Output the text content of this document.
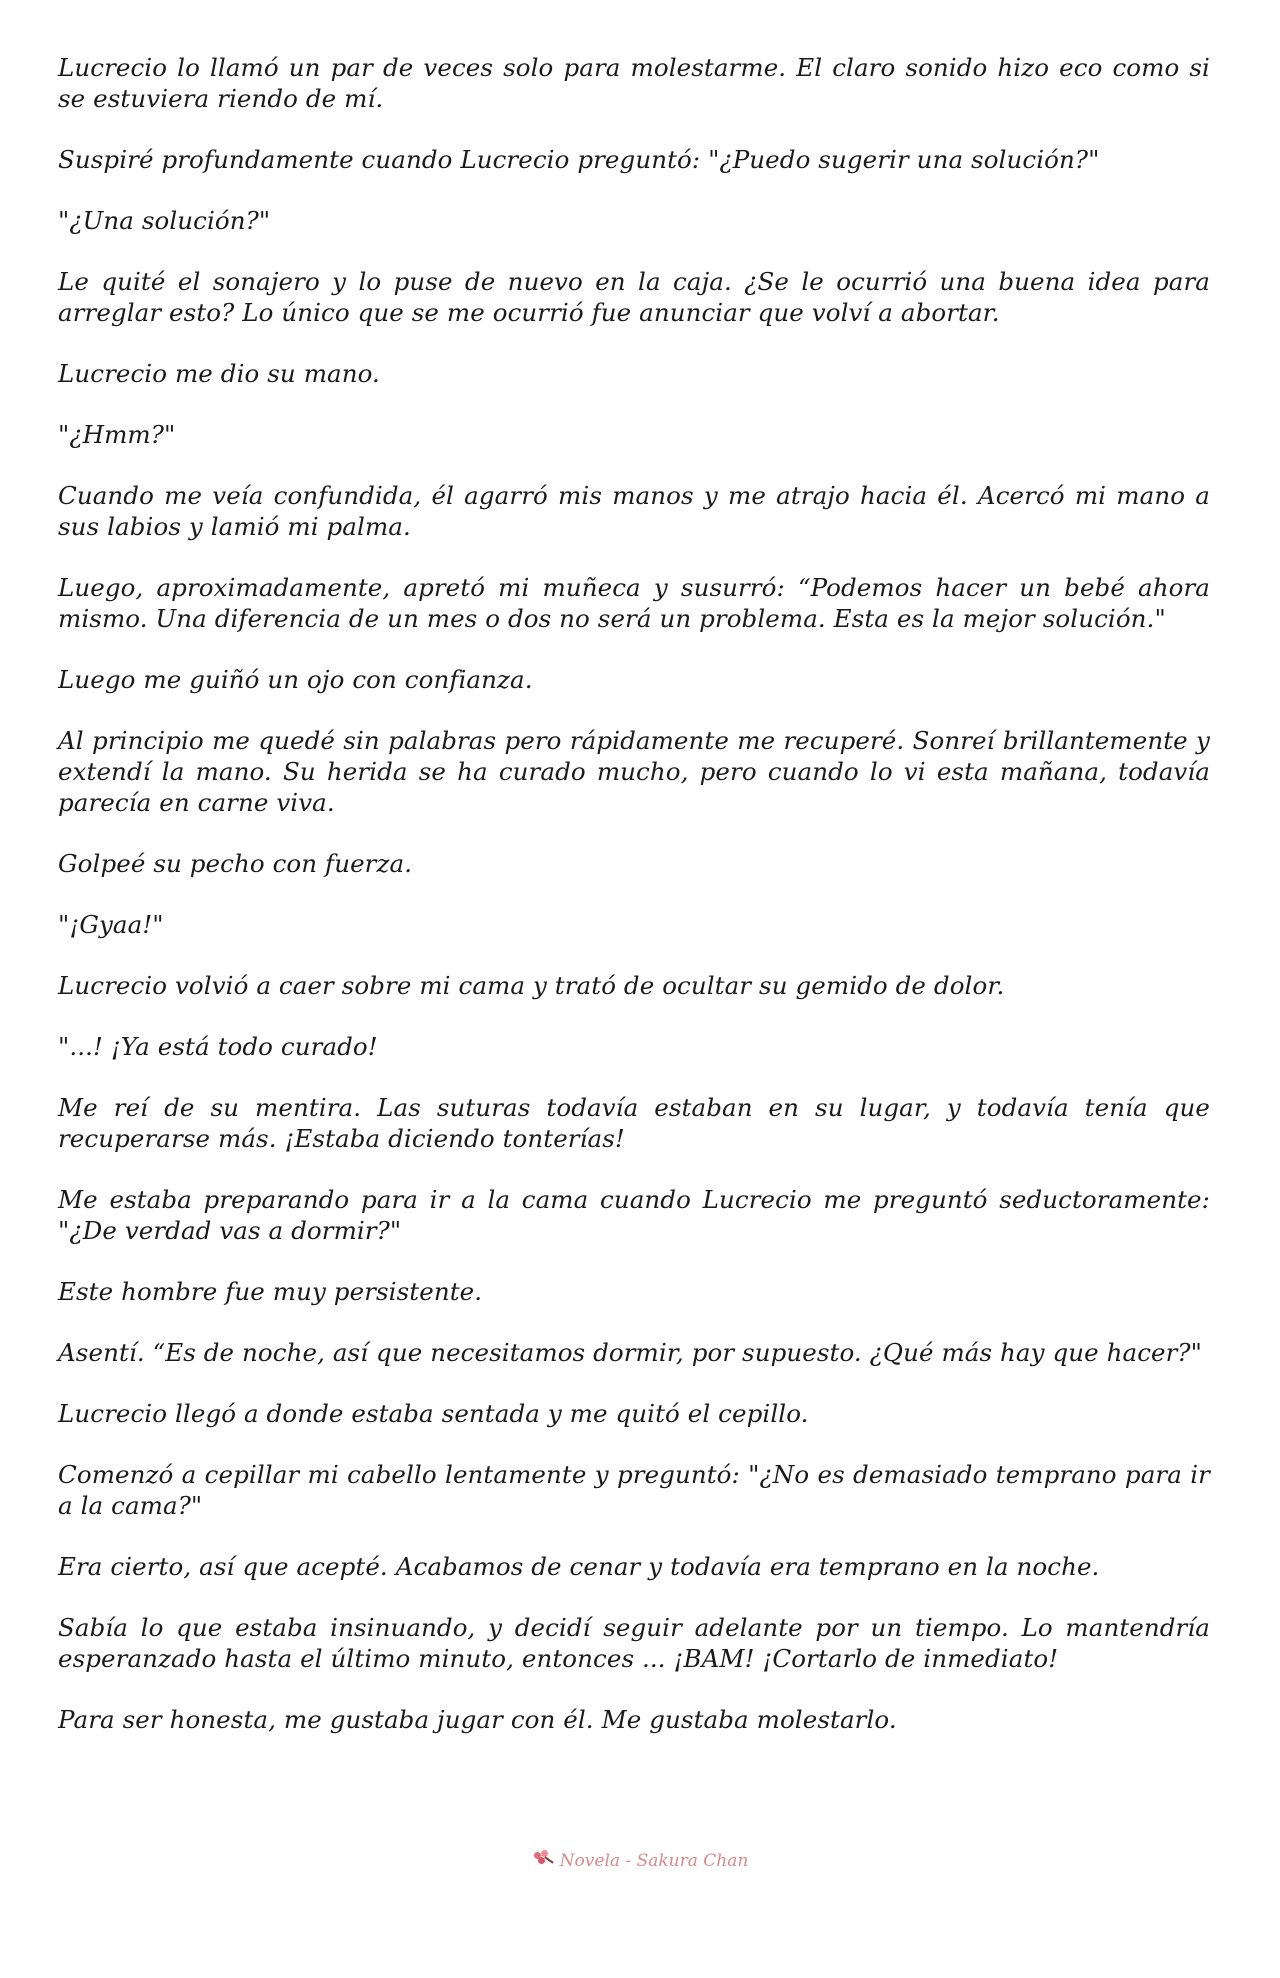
Lucrecio lo llamó un par de veces solo para molestarme. El claro sonido hizo eco como si se estuviera riendo de mí.

Suspiré profundamente cuando Lucrecio preguntó: "¿Puedo sugerir una solución?"

"¿Una solución?"

Le quité el sonajero y lo puse de nuevo en la caja. ¿Se le ocurrió una buena idea para arreglar esto? Lo único que se me ocurrió fue anunciar que volví a abortar.

Lucrecio me dio su mano.

"¿Hmm?"

Cuando me veía confundida, él agarró mis manos y me atrajo hacia él. Acercó mi mano a sus labios y lamió mi palma.

Luego, aproximadamente, apretó mi muñeca y susurró: “Podemos hacer un bebé ahora mismo. Una diferencia de un mes o dos no será un problema. Esta es la mejor solución."

Luego me guiñó un ojo con confianza.

Al principio me quedé sin palabras pero rápidamente me recuperé. Sonreí brillantemente y extendí la mano. Su herida se ha curado mucho, pero cuando lo vi esta mañana, todavía parecía en carne viva.

Golpeé su pecho con fuerza.

"¡Gyaa!"

Lucrecio volvió a caer sobre mi cama y trató de ocultar su gemido de dolor.

"...! ¡Ya está todo curado!

Me reí de su mentira. Las suturas todavía estaban en su lugar, y todavía tenía que recuperarse más. ¡Estaba diciendo tonterías!

Me estaba preparando para ir a la cama cuando Lucrecio me preguntó seductoramente: "¿De verdad vas a dormir?"

Este hombre fue muy persistente.

Asentí. “Es de noche, así que necesitamos dormir, por supuesto. ¿Qué más hay que hacer?"

Lucrecio llegó a donde estaba sentada y me quitó el cepillo.

Comenzó a cepillar mi cabello lentamente y preguntó: "¿No es demasiado temprano para ir a la cama?"

Era cierto, así que acepté. Acabamos de cenar y todavía era temprano en la noche.

Sabía lo que estaba insinuando, y decidí seguir adelante por un tiempo. Lo mantendría esperanzado hasta el último minuto, entonces ... ¡BAM! ¡Cortarlo de inmediato!

Para ser honesta, me gustaba jugar con él. Me gustaba molestarlo.

Novela - Sakura Chan
